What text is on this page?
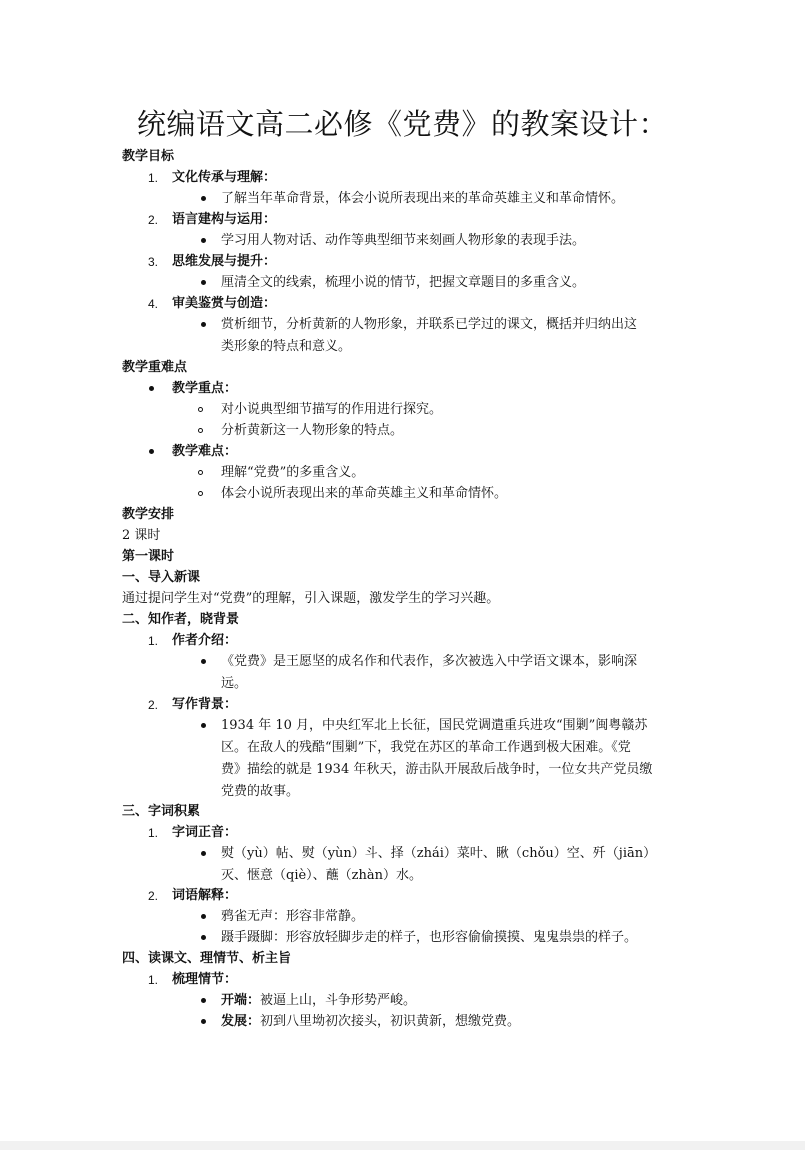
统编语文高二必修《党费》的教案设计：
教学目标
1. 文化传承与理解：
了解当年革命背景，体会小说所表现出来的革命英雄主义和革命情怀。
2. 语言建构与运用：
学习用人物对话、动作等典型细节来刻画人物形象的表现手法。
3. 思维发展与提升：
厘清全文的线索，梳理小说的情节，把握文章题目的多重含义。
4. 审美鉴赏与创造：
赏析细节，分析黄新的人物形象，并联系已学过的课文，概括并归纳出这
类形象的特点和意义。
教学重难点
教学重点：
对小说典型细节描写的作用进行探究。
分析黄新这一人物形象的特点。
教学难点：
理解“党费”的多重含义。
体会小说所表现出来的革命英雄主义和革命情怀。
教学安排
2 课时
第一课时
一、导入新课
通过提问学生对“党费”的理解，引入课题，激发学生的学习兴趣。
二、知作者，晓背景
1. 作者介绍：
《党费》是王愿坚的成名作和代表作，多次被选入中学语文课本，影响深
远。
2. 写作背景：
1934 年 10 月，中央红军北上长征，国民党调遣重兵进攻“围剿”闽粤赣苏
区。在敌人的残酷“围剿”下，我党在苏区的革命工作遇到极大困难。《党
费》描绘的就是 1934 年秋天，游击队开展敌后战争时，一位女共产党员缴
党费的故事。
三、字词积累
1. 字词正音：
熨（yù）帖、熨（yùn）斗、择（zhái）菜叶、瞅（chǒu）空、歼（jiān）
灭、惬意（qiè）、蘸（zhàn）水。
2. 词语解释：
鸦雀无声：形容非常静。
蹑手蹑脚：形容放轻脚步走的样子，也形容偷偷摸摸、鬼鬼祟祟的样子。
四、读课文、理情节、析主旨
1. 梳理情节：
开端：被逼上山，斗争形势严峻。
发展：初到八里坳初次接头，初识黄新，想缴党费。
